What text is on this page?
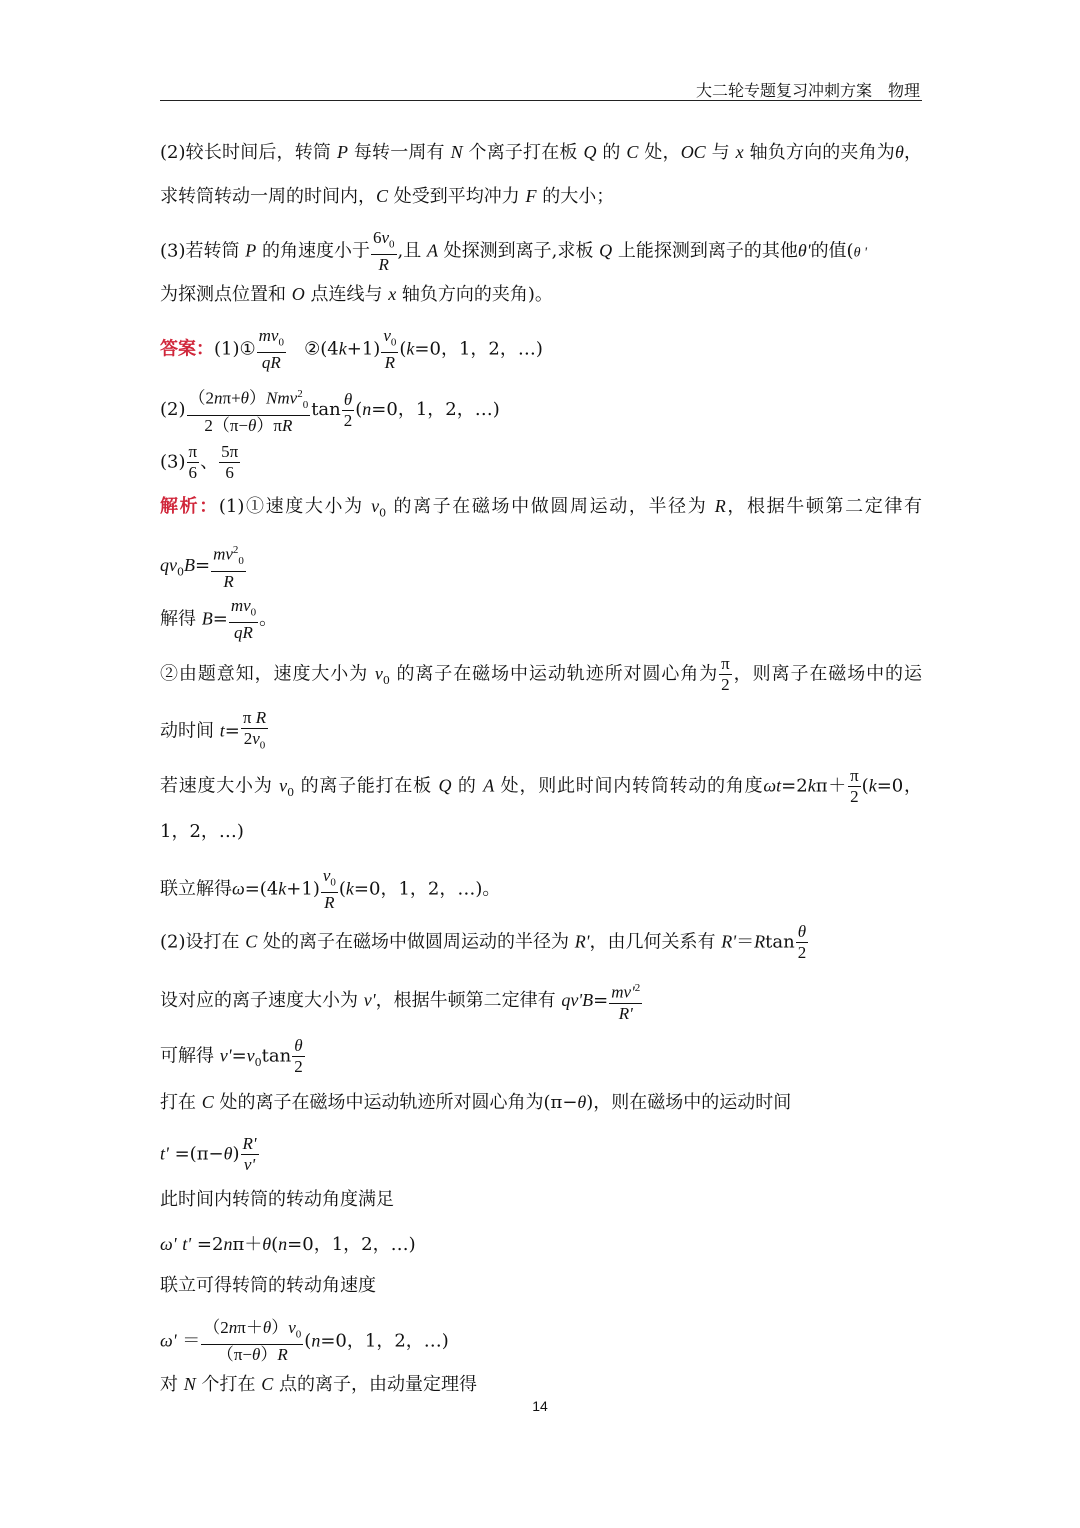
大二轮专题复习冲刺方案　物理
(2)较长时间后，转筒 P 每转一周有 N 个离子打在板 Q 的 C 处，OC 与 x 轴负方向的夹角为θ，
求转筒转动一周的时间内，C 处受到平均冲力 F 的大小；
(3)若转筒 P 的角速度小于 $\frac{6v_0}{R}$ ,且 A 处探测到离子,求板 Q 上能探测到离子的其他θ'的值(θ '
为探测点位置和 O 点连线与 x 轴负方向的夹角)。
答案：(1)① $\frac{mv_0}{qR}$ ②(4k+1) $\frac{v_0}{R} (k=0$，1，2，…)
(2)
（2nπ+θ）Nmv$^2_0$
2（π−θ）πR
$\tan \frac{\theta}{2} (n=0$，1，2，…)
$(3) \frac{\pi}{6}$ 、 $\frac{5\pi}{6}$
解析：(1)①速度大小为 $v_0$ 的离子在磁场中做圆周运动，半径为 R，根据牛顿第二定律有
$qv_0B= \frac{mv^2_0}{R}$
解得 $B= \frac{mv_0}{qR}$ 。
②由题意知，速度大小为 $v_0$ 的离子在磁场中运动轨迹所对圆心角为 $\frac{\pi}{2}$ ，则离子在磁场中的运
动时间 $t= \frac{\text{π R}}{2v_0}$
若速度大小为 $v_0$ 的离子能打在板 Q 的 A 处，则此时间内转筒转动的角度$\omega t=2k\pi+ \frac{\pi}{2} (k=0$，
1，2，…)
联立解得$\omega=(4k+1) \frac{v_0}{R} (k=0$，1，2，…)。
(2)设打在 C 处的离子在磁场中做圆周运动的半径为 R'，由几何关系有 $R'=Rtan \frac{\theta}{2}$
设对应的离子速度大小为 v'，根据牛顿第二定律有 $qv'B= \frac{mv'^2}{R'}$
可解得 $v'=v_0\tan \frac{\theta}{2}$
打在 C 处的离子在磁场中运动轨迹所对圆心角为(π−θ)，则在磁场中的运动时间
$t' =(\pi-\theta) \frac{R'}{v'}$
此时间内转筒的转动角度满足
ω' t' =2nπ＋θ(n=0，1，2，…)
联立可得转筒的转动角速度
$\omega' = \frac{(2n\pi+\theta)v_0}{(\pi-\theta)R} (n=0$，1，2，…)
对 N 个打在 C 点的离子，由动量定理得
14
